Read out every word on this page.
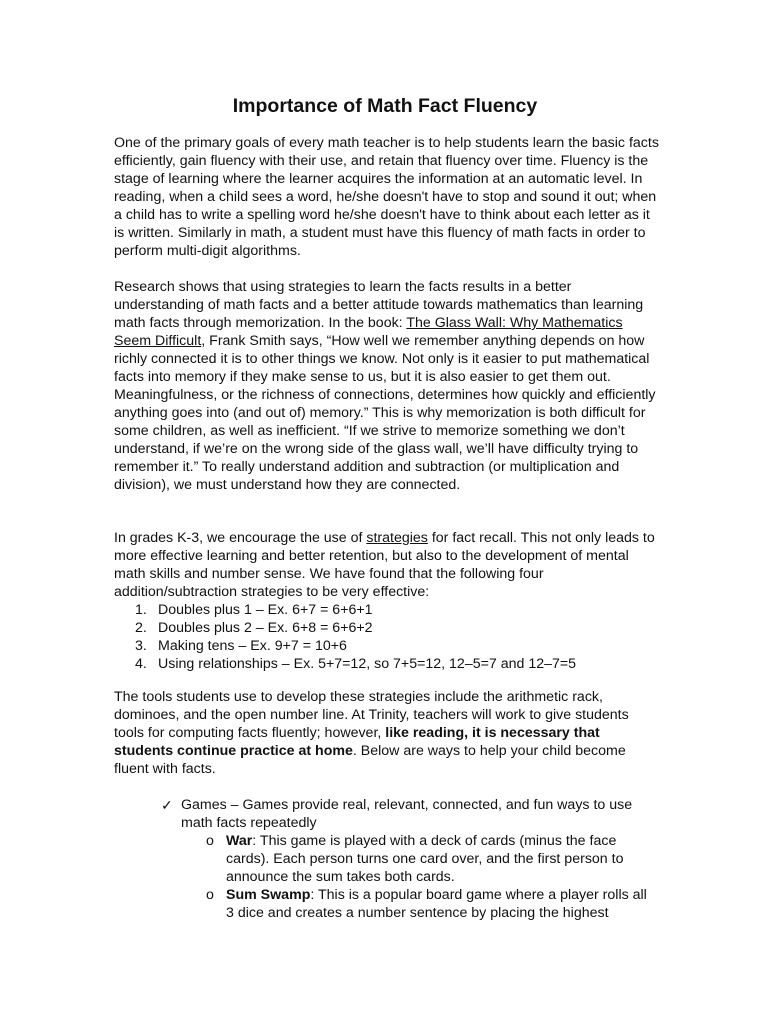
Importance of Math Fact Fluency

One of the primary goals of every math teacher is to help students learn the basic facts efficiently, gain fluency with their use, and retain that fluency over time. Fluency is the stage of learning where the learner acquires the information at an automatic level. In reading, when a child sees a word, he/she doesn't have to stop and sound it out; when a child has to write a spelling word he/she doesn't have to think about each letter as it is written. Similarly in math, a student must have this fluency of math facts in order to perform multi-digit algorithms.

Research shows that using strategies to learn the facts results in a better understanding of math facts and a better attitude towards mathematics than learning math facts through memorization. In the book: The Glass Wall: Why Mathematics Seem Difficult, Frank Smith says, “How well we remember anything depends on how richly connected it is to other things we know. Not only is it easier to put mathematical facts into memory if they make sense to us, but it is also easier to get them out. Meaningfulness, or the richness of connections, determines how quickly and efficiently anything goes into (and out of) memory.” This is why memorization is both difficult for some children, as well as inefficient. “If we strive to memorize something we don’t understand, if we’re on the wrong side of the glass wall, we’ll have difficulty trying to remember it.” To really understand addition and subtraction (or multiplication and division), we must understand how they are connected.

In grades K-3, we encourage the use of strategies for fact recall. This not only leads to more effective learning and better retention, but also to the development of mental math skills and number sense. We have found that the following four addition/subtraction strategies to be very effective:

1. Doubles plus 1 – Ex. 6+7 = 6+6+1
2. Doubles plus 2 – Ex. 6+8 = 6+6+2
3. Making tens – Ex. 9+7 = 10+6
4. Using relationships – Ex. 5+7=12, so 7+5=12, 12–5=7 and 12–7=5

The tools students use to develop these strategies include the arithmetic rack, dominoes, and the open number line. At Trinity, teachers will work to give students tools for computing facts fluently; however, like reading, it is necessary that students continue practice at home. Below are ways to help your child become fluent with facts.

✓ Games – Games provide real, relevant, connected, and fun ways to use math facts repeatedly
o War: This game is played with a deck of cards (minus the face cards). Each person turns one card over, and the first person to announce the sum takes both cards.
o Sum Swamp: This is a popular board game where a player rolls all 3 dice and creates a number sentence by placing the highest
